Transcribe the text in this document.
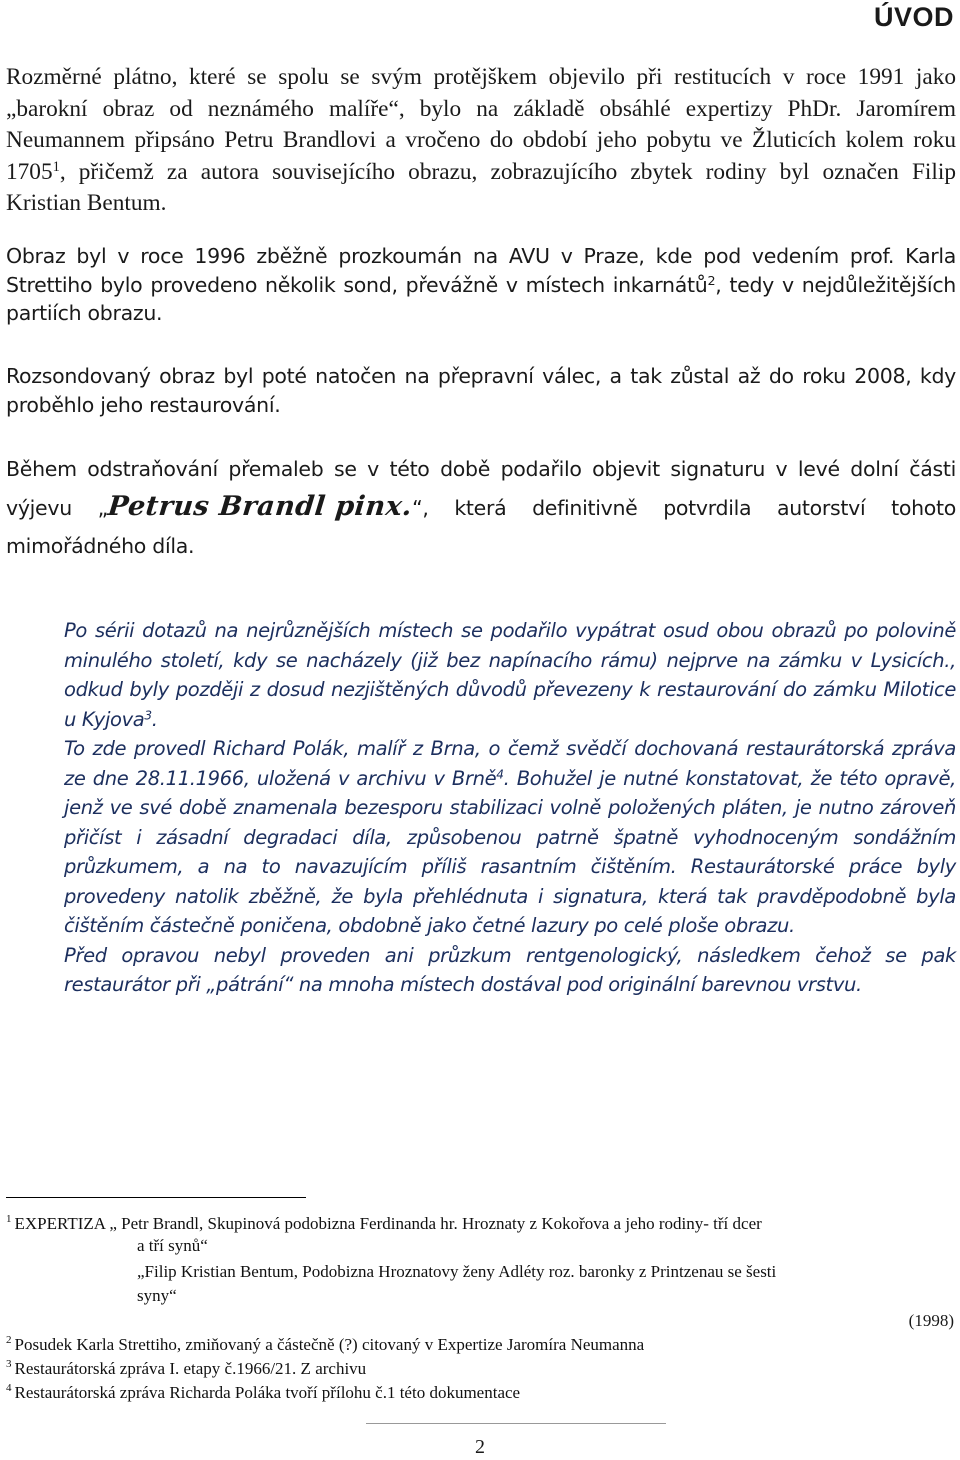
ÚVOD

Rozměrné plátno, které se spolu se svým protějškem objevilo při restitucích v roce 1991 jako „barokní obraz od neznámého malíře“, bylo na základě obsáhlé expertizy PhDr. Jaromírem Neumannem připsáno Petru Brandlovi a vročeno do období jeho pobytu ve Žluticích kolem roku 1705$^1$, přičemž za autora souvisejícího obrazu, zobrazujícího zbytek rodiny byl označen Filip Kristian Bentum.

Obraz byl v roce 1996 zběžně prozkoumán na AVU v Praze, kde pod vedením prof. Karla Strettiho bylo provedeno několik sond, převážně v místech inkarnátů$^2$, tedy v nejdůležitějších partiích obrazu.

Rozsondovaný obraz byl poté natočen na přepravní válec, a tak zůstal až do roku 2008, kdy proběhlo jeho restaurování.

Během odstraňování přemaleb se v této době podařilo objevit signaturu v levé dolní části výjevu „Petrus Brandl pinx.“, která definitivně potvrdila autorství tohoto mimořádného díla.

Po sérii dotazů na nejrůznějších místech se podařilo vypátrat osud obou obrazů po polovině minulého století, kdy se nacházely (již bez napínacího rámu) nejprve na zámku v Lysicích., odkud byly později z dosud nezjištěných důvodů převezeny k restaurování do zámku Milotice u Kyjova$^3$.

To zde provedl Richard Polák, malíř z Brna, o čemž svědčí dochovaná restaurátorská zpráva ze dne 28.11.1966, uložená v archivu v Brně$^4$. Bohužel je nutné konstatovat, že této opravě, jenž ve své době znamenala bezesporu stabilizaci volně položených pláten, je nutno zároveň přičíst i zásadní degradaci díla, způsobenou patrně špatně vyhodnoceným sondážním průzkumem, a na to navazujícím příliš rasantním čištěním. Restaurátorské práce byly provedeny natolik zběžně, že byla přehlédnuta i signatura, která tak pravděpodobně byla čištěním částečně poničena, obdobně jako četné lazury po celé ploše obrazu.

Před opravou nebyl proveden ani průzkum rentgenologický, následkem čehož se pak restaurátor při „pátrání“ na mnoha místech dostával pod originální barevnou vrstvu.

$^1$ EXPERTIZA „ Petr Brandl, Skupinová podobizna Ferdinanda hr. Hroznaty z Kokořova a jeho rodiny- tří dcer
a tří synů“
„Filip Kristian Bentum, Podobizna Hroznatovy ženy Adléty roz. baronky z Printzenau se šesti
syny“
(1998)
$^2$ Posudek Karla Strettiho, zmiňovaný a částečně (?) citovaný v Expertize Jaromíra Neumanna
$^3$ Restaurátorská zpráva I. etapy č.1966/21. Z archivu
$^4$ Restaurátorská zpráva Richarda Poláka tvoří přílohu č.1 této dokumentace
2
